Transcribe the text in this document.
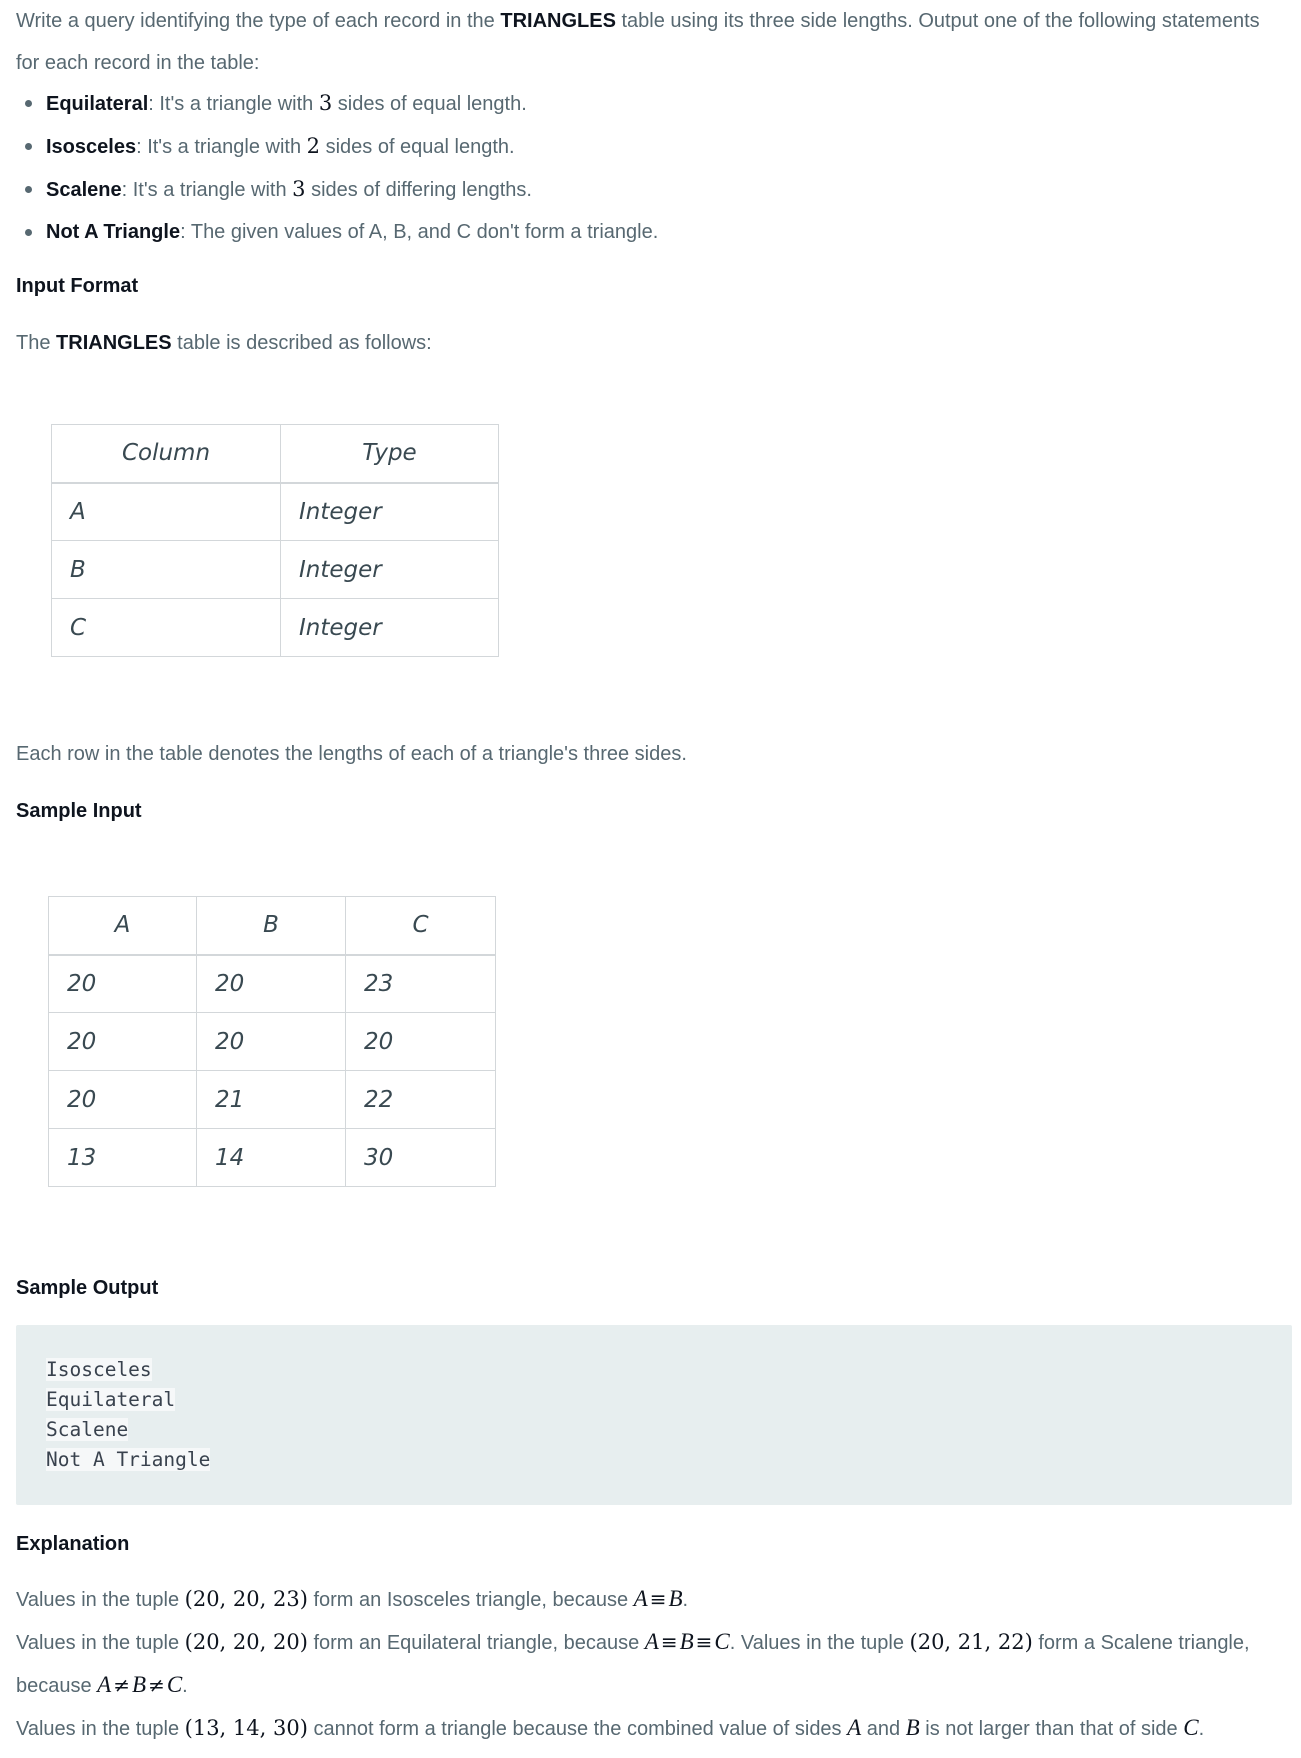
Write a query identifying the type of each record in the TRIANGLES table using its three side lengths. Output one of the following statements for each record in the table:

Equilateral: It's a triangle with 3 sides of equal length.
Isosceles: It's a triangle with 2 sides of equal length.
Scalene: It's a triangle with 3 sides of differing lengths.
Not A Triangle: The given values of A, B, and C don't form a triangle.
Input Format

The TRIANGLES table is described as follows:

Column	Type
A	Integer
B	Integer
C	Integer

Each row in the table denotes the lengths of each of a triangle's three sides.

Sample Input
A	B	C
20	20	23
20	20	20
20	21	22
13	14	30
Sample Output
Isosceles
Equilateral
Scalene
Not A Triangle
Explanation
Values in the tuple (20, 20, 23) form an Isosceles triangle, because A ≡B.
Values in the tuple (20, 20, 20) form an Equilateral triangle, because A ≡B ≡C. Values in the tuple (20, 21, 22) form a Scalene triangle, because A ≠B ≠C.
Values in the tuple (13, 14, 30) cannot form a triangle because the combined value of sides A and B is not larger than that of side C.
